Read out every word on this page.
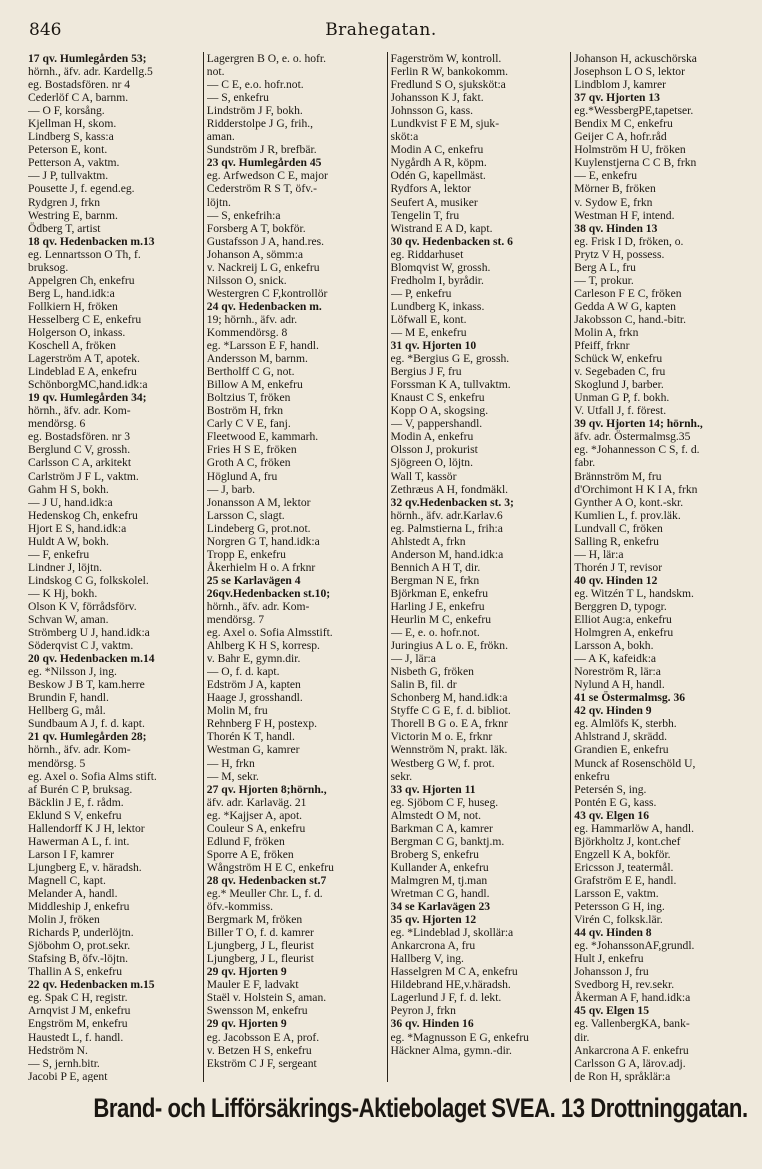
846	Brahegatan.
17 qv. Humlegården 53;
hörnh., äfv. adr. Kardellg.5
eg. Bostadsfören. nr 4
Cederlöf C A, barnm.
— O F, korsång.
Kjellman H, skom.
Lindberg S, kass:a
Peterson E, kont.
Petterson A, vaktm.
— J P, tullvaktm.
Pousette J, f. egend.eg.
Rydgren J, frkn
Westring E, barnm.
Ödberg T, artist
18 qv. Hedenbacken m.13
eg. Lennartsson O Th, f.
bruksog.
Appelgren Ch, enkefru
Berg L, hand.idk:a
Follkiern H, fröken
Hesselberg C E, enkefru
Holgerson O, inkass.
Koschell A, fröken
Lagerström A T, apotek.
Lindeblad E A, enkefru
SchönborgMC,hand.idk:a
19 qv. Humlegården 34;
hörnh., äfv. adr. Kom-
mendörsg. 6
eg. Bostadsfören. nr 3
Berglund C V, grossh.
Carlsson C A, arkitekt
Carlström J F L, vaktm.
Gahm H S, bokh.
— J U, hand.idk:a
Hedenskog Ch, enkefru
Hjort E S, hand.idk:a
Huldt A W, bokh.
— F, enkefru
Lindner J, löjtn.
Lindskog C G, folkskolel.
— K Hj, bokh.
Olson K V, förrådsförv.
Schvan W, aman.
Strömberg U J, hand.idk:a
Söderqvist C J, vaktm.
20 qv. Hedenbacken m.14
eg. *Nilsson J, ing.
Beskow J B T, kam.herre
Brundin F, handl.
Hellberg G, mål.
Sundbaum A J, f. d. kapt.
21 qv. Humlegården 28;
hörnh., äfv. adr. Kom-
mendörsg. 5
eg. Axel o. Sofia Alms stift.
af Burén C P, bruksag.
Bäcklin J E, f. rådm.
Eklund S V, enkefru
Hallendorff K J H, lektor
Hawerman A L, f. int.
Larson I F, kamrer
Ljungberg E, v. häradsh.
Magnell C, kapt.
Melander A, handl.
Middleship J, enkefru
Molin J, fröken
Richards P, underlöjtn.
Sjöbohm O, prot.sekr.
Stafsing B, öfv.-löjtn.
Thallin A S, enkefru
22 qv. Hedenbacken m.15
eg. Spak C H, registr.
Arnqvist J M, enkefru
Engström M, enkefru
Haustedt L, f. handl.
Hedström N.
— S, jernh.bitr.
Jacobi P E, agent
Lagergren B O, e. o. hofr.
not.
— C E, e.o. hofr.not.
— S, enkefru
Lindström J F, bokh.
Ridderstolpe J G, frih.,
aman.
Sundström J R, brefbär.
23 qv. Humlegården 45
eg. Arfwedson C E, major
Cederström R S T, öfv.-
löjtn.
— S, enkefrih:a
Forsberg A T, bokför.
Gustafsson J A, hand.res.
Johanson A, sömm:a
v. Nackreij L G, enkefru
Nilsson O, snick.
Westergren C F,kontrollör
24 qv. Hedenbacken m.
19; hörnh., äfv. adr.
Kommendörsg. 8
eg. *Larsson E F, handl.
Andersson M, barnm.
Bertholff C G, not.
Billow A M, enkefru
Boltzius T, fröken
Boström H, frkn
Carly C V E, fanj.
Fleetwood E, kammarh.
Fries H S E, fröken
Groth A C, fröken
Höglund A, fru
— J, barb.
Jonansson A M, lektor
Larsson C, slagt.
Lindeberg G, prot.not.
Norgren G T, hand.idk:a
Tropp E, enkefru
Åkerhielm H o. A frknr
25 se Karlavägen 4
26qv.Hedenbacken st.10;
hörnh., äfv. adr. Kom-
mendörsg. 7
eg. Axel o. Sofia Almsstift.
Ahlberg K H S, korresp.
v. Bahr E, gymn.dir.
— O, f. d. kapt.
Edström J A, kapten
Haage J, grosshandl.
Molin M, fru
Rehnberg F H, postexp.
Thorén K T, handl.
Westman G, kamrer
— H, frkn
— M, sekr.
27 qv. Hjorten 8;hörnh.,
äfv. adr. Karlaväg. 21
eg. *Kajjser A, apot.
Couleur S A, enkefru
Edlund F, fröken
Sporre A E, fröken
Wångström H E C, enkefru
28 qv. Hedenbacken st.7
eg.* Meuller Chr. L, f. d.
öfv.-kommiss.
Bergmark M, fröken
Biller T O, f. d. kamrer
Ljungberg, J L, fleurist
Ljungberg, J L, fleurist
29 qv. Hjorten 9
Mauler E F, ladvakt
Staël v. Holstein S, aman.
Swensson M, enkefru
29 qv. Hjorten 9
eg. Jacobsson E A, prof.
v. Betzen H S, enkefru
Ekström C J F, sergeant
Fagerström W, kontroll.
Ferlin R W, bankokomm.
Fredlund S O, sjuksköt:a
Johansson K J, fakt.
Johnsson G, kass.
Lundkvist F E M, sjuk-
sköt:a
Modin A C, enkefru
Nygårdh A R, köpm.
Odén G, kapellmäst.
Rydfors A, lektor
Seufert A, musiker
Tengelin T, fru
Wistrand E A D, kapt.
30 qv. Hedenbacken st. 6
eg. Riddarhuset
Blomqvist W, grossh.
Fredholm I, byrådir.
— P, enkefru
Lundberg K, inkass.
Löfwall E, kont.
— M E, enkefru
31 qv. Hjorten 10
eg. *Bergius G E, grossh.
Bergius J F, fru
Forssman K A, tullvaktm.
Knaust C S, enkefru
Kopp O A, skogsing.
— V, pappershandl.
Modin A, enkefru
Olsson J, prokurist
Sjögreen O, löjtn.
Wall T, kassör
Zethræus A H, fondmäkl.
32 qv.Hedenbacken st. 3;
hörnh., äfv. adr.Karlav.6
eg. Palmstierna L, frih:a
Ahlstedt A, frkn
Anderson M, hand.idk:a
Bennich A H T, dir.
Bergman N E, frkn
Björkman E, enkefru
Harling J E, enkefru
Heurlin M C, enkefru
— E, e. o. hofr.not.
Juringius A L o. E, frökn.
— J, lär:a
Nisbeth G, fröken
Salin B, fil. dr
Schonberg M, hand.idk:a
Styffe C G E, f. d. bibliot.
Thorell B G o. E A, frknr
Victorin M o. E, frknr
Wennström N, prakt. läk.
Westberg G W, f. prot.
sekr.
33 qv. Hjorten 11
eg. Sjöbom C F, huseg.
Almstedt O M, not.
Barkman C A, kamrer
Bergman C G, banktj.m.
Broberg S, enkefru
Kullander A, enkefru
Malmgren M, tj.man
Wretman C G, handl.
34 se Karlavägen 23
35 qv. Hjorten 12
eg. *Lindeblad J, skollär:a
Ankarcrona A, fru
Hallberg V, ing.
Hasselgren M C A, enkefru
Hildebrand HE,v.häradsh.
Lagerlund J F, f. d. lekt.
Peyron J, frkn
36 qv. Hinden 16
eg. *Magnusson E G, enkefru
Häckner Alma, gymn.-dir.
Johanson H, ackuschörska
Josephson L O S, lektor
Lindblom J, kamrer
37 qv. Hjorten 13
eg.*WessbergPE,tapetser.
Bendix M C, enkefru
Geijer C A, hofr.råd
Holmström H U, fröken
Kuylenstjerna C C B, frkn
— E, enkefru
Mörner B, fröken
v. Sydow E, frkn
Westman H F, intend.
38 qv. Hinden 13
eg. Frisk I D, fröken, o.
Prytz V H, possess.
Berg A L, fru
— T, prokur.
Carleson F E C, fröken
Gedda A W G, kapten
Jakobsson C, hand.-bitr.
Molin A, frkn
Pfeiff, frknr
Schück W, enkefru
v. Segebaden C, fru
Skoglund J, barber.
Unman G P, f. bokh.
V. Utfall J, f. förest.
39 qv. Hjorten 14; hörnh.,
äfv. adr. Östermalmsg.35
eg. *Johannesson C S, f. d.
fabr.
Brännström M, fru
d'Orchimont H K I A, frkn
Gynther A O, kont.-skr.
Kumlien L, f. prov.läk.
Lundvall C, fröken
Salling R, enkefru
— H, lär:a
Thorén J T, revisor
40 qv. Hinden 12
eg. Witzén T L, handskm.
Berggren D, typogr.
Elliot Aug:a, enkefru
Holmgren A, enkefru
Larsson A, bokh.
— A K, kafeidk:a
Noreström R, lär:a
Nylund A H, handl.
41 se Östermalmsg. 36
42 qv. Hinden 9
eg. Almlöfs K, sterbh.
Ahlstrand J, skrädd.
Grandien E, enkefru
Munck af Rosenschöld U,
enkefru
Petersén S, ing.
Pontén E G, kass.
43 qv. Elgen 16
eg. Hammarlöw A, handl.
Björkholtz J, kont.chef
Engzell K A, bokför.
Ericsson J, teatermål.
Grafström E E, handl.
Larsson E, vaktm.
Petersson G H, ing.
Virén C, folksk.lär.
44 qv. Hinden 8
eg. *JohanssonAF,grundl.
Hult J, enkefru
Johansson J, fru
Svedborg H, rev.sekr.
Åkerman A F, hand.idk:a
45 qv. Elgen 15
eg. VallenbergKA, bank-
dir.
Ankarcrona A F. enkefru
Carlsson G A, lärov.adj.
de Ron H, språklär:a
Brand- och Lifförsäkrings-Aktiebolaget SVEA. 13 Drottninggatan.
